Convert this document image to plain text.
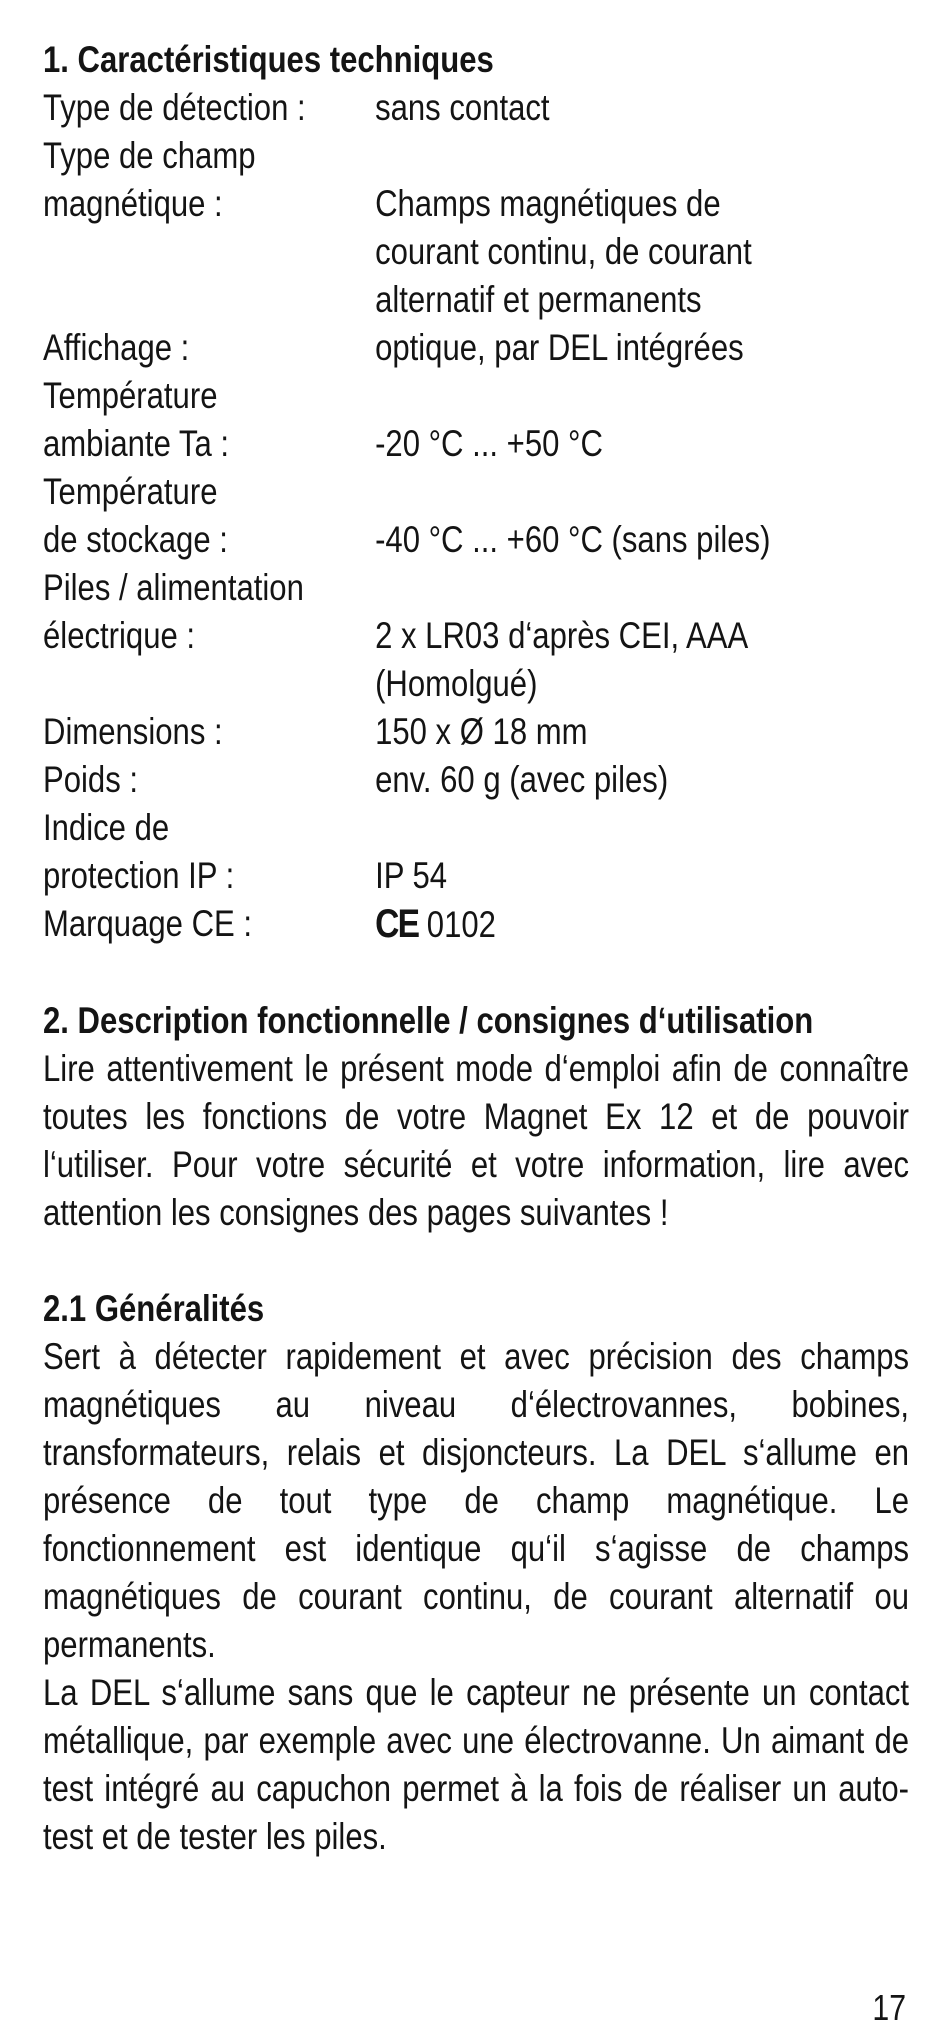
1. Caractéristiques techniques
Type de détection :	sans contact

Type de champ
magnétique :	Champs magnétiques de
courant continu, de courant
alternatif et permanents

Affichage :	optique, par DEL intégrées

Température
ambiante Ta :	-20 °C ... +50 °C

Température
de stockage :	-40 °C ... +60 °C (sans piles)

Piles / alimentation
électrique :	2 x LR03 d‘après CEI, AAA
(Homolgué)

Dimensions :	150 x Ø 18 mm

Poids :	env. 60 g (avec piles)

Indice de
protection IP :	IP 54

Marquage CE :	CE 0102
2. Description fonctionnelle / consignes d‘utilisation

Lire attentivement le présent mode d‘emploi afin de connaître toutes les fonctions de votre Magnet Ex 12 et de pouvoir l‘utiliser. Pour votre sécurité et votre information, lire avec attention les consignes des pages suivantes !

2.1 Généralités

Sert à détecter rapidement et avec précision des champs magnétiques au niveau d‘électrovannes, bobines, transformateurs, relais et disjoncteurs. La DEL s‘allume en présence de tout type de champ magnétique. Le fonctionnement est identique qu‘il s‘agisse de champs magnétiques de courant continu, de courant alternatif ou permanents.

La DEL s‘allume sans que le capteur ne présente un contact métallique, par exemple avec une électrovanne. Un aimant de test intégré au capuchon permet à la fois de réaliser un auto-test et de tester les piles.

17
